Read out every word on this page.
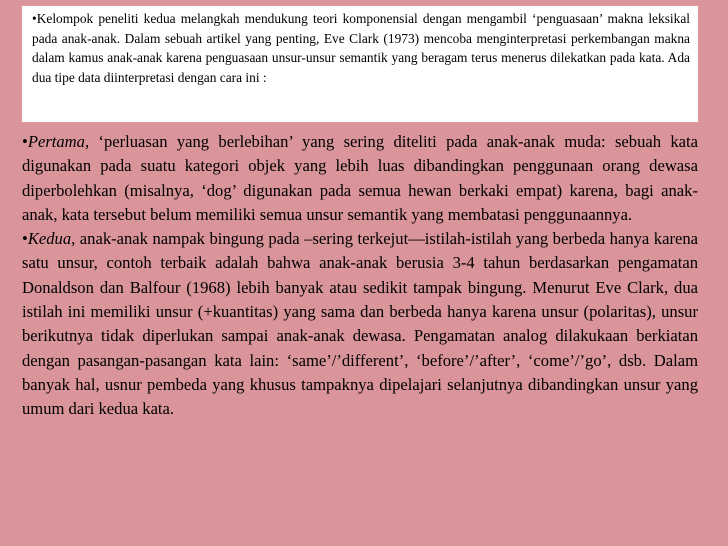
•Kelompok peneliti kedua melangkah mendukung teori komponensial dengan mengambil ‘penguasaan’ makna leksikal pada anak-anak. Dalam sebuah artikel yang penting, Eve Clark (1973) mencoba menginterpretasi perkembangan makna dalam kamus anak-anak karena penguasaan unsur-unsur semantik yang beragam terus menerus dilekatkan pada kata. Ada dua tipe data diinterpretasi dengan cara ini :

•Pertama, ‘perluasan yang berlebihan’ yang sering diteliti pada anak-anak muda: sebuah kata digunakan pada suatu kategori objek yang lebih luas dibandingkan penggunaan orang dewasa diperbolehkan (misalnya, ‘dog’ digunakan pada semua hewan berkaki empat) karena, bagi anak-anak, kata tersebut belum memiliki semua unsur semantik yang membatasi penggunaannya.

•Kedua, anak-anak nampak bingung pada –sering terkejut—istilah-istilah yang berbeda hanya karena satu unsur, contoh terbaik adalah bahwa anak-anak berusia 3-4 tahun berdasarkan pengamatan Donaldson dan Balfour (1968) lebih banyak atau sedikit tampak bingung. Menurut Eve Clark, dua istilah ini memiliki unsur (+kuantitas) yang sama dan berbeda hanya karena unsur (polaritas), unsur berikutnya tidak diperlukan sampai anak-anak dewasa. Pengamatan analog dilakukaan berkiatan dengan pasangan-pasangan kata lain: ‘same’/’different’, ‘before’/’after’, ‘come’/’go’, dsb. Dalam banyak hal, usnur pembeda yang khusus tampaknya dipelajari selanjutnya dibandingkan unsur yang umum dari kedua kata.
